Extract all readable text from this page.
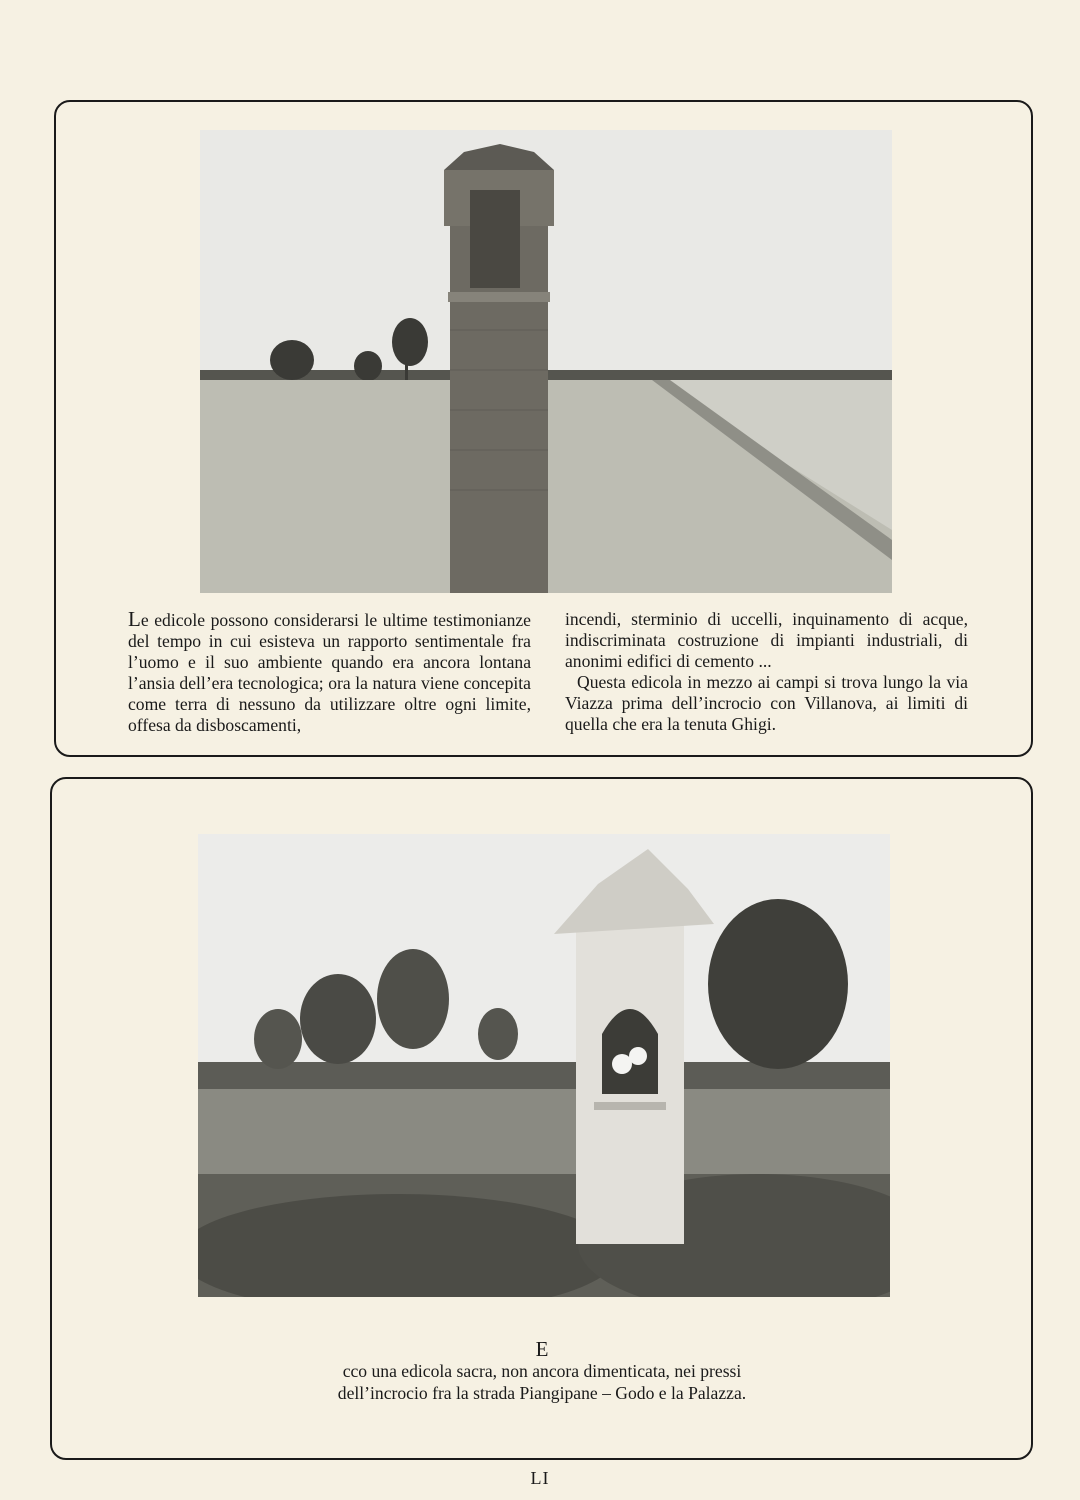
Le edicole possono considerarsi le ultime testimonianze del tempo in cui esisteva un rapporto sentimentale fra l’uomo e il suo ambiente quando era ancora lontana l’ansia dell’era tecnologica; ora la natura viene concepita come terra di nessuno da utilizzare oltre ogni limite, offesa da disboscamenti,

incendi, sterminio di uccelli, inquinamento di acque, indiscriminata costruzione di impianti industriali, di anonimi edifici di cemento ...

Questa edicola in mezzo ai campi si trova lungo la via Viazza prima dell’incrocio con Villanova, ai limiti di quella che era la tenuta Ghigi.

E
cco una edicola sacra, non ancora dimenticata, nei pressi
dell’incrocio fra la strada Piangipane – Godo e la Palazza.
LI
